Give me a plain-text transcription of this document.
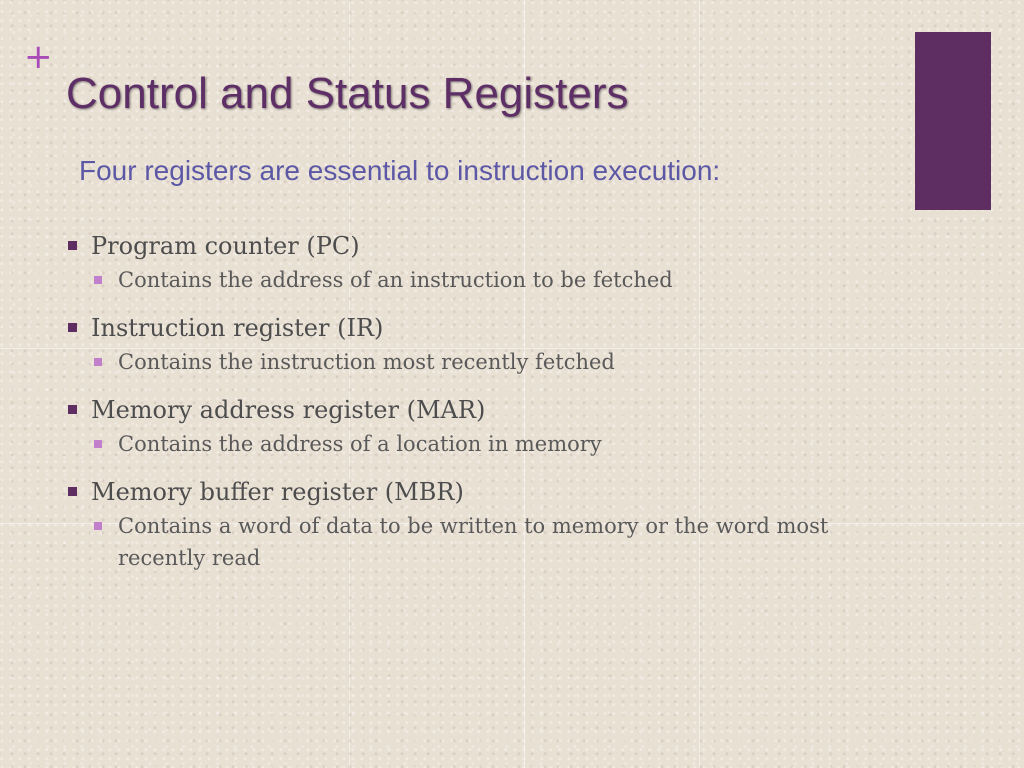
+
Control and Status Registers
Four registers are essential to instruction execution:
Program counter (PC)
Contains the address of an instruction to be fetched
Instruction register (IR)
Contains the instruction most recently fetched
Memory address register (MAR)
Contains the address of a location in memory
Memory buffer register (MBR)
Contains a word of data to be written to memory or the word most recently read
